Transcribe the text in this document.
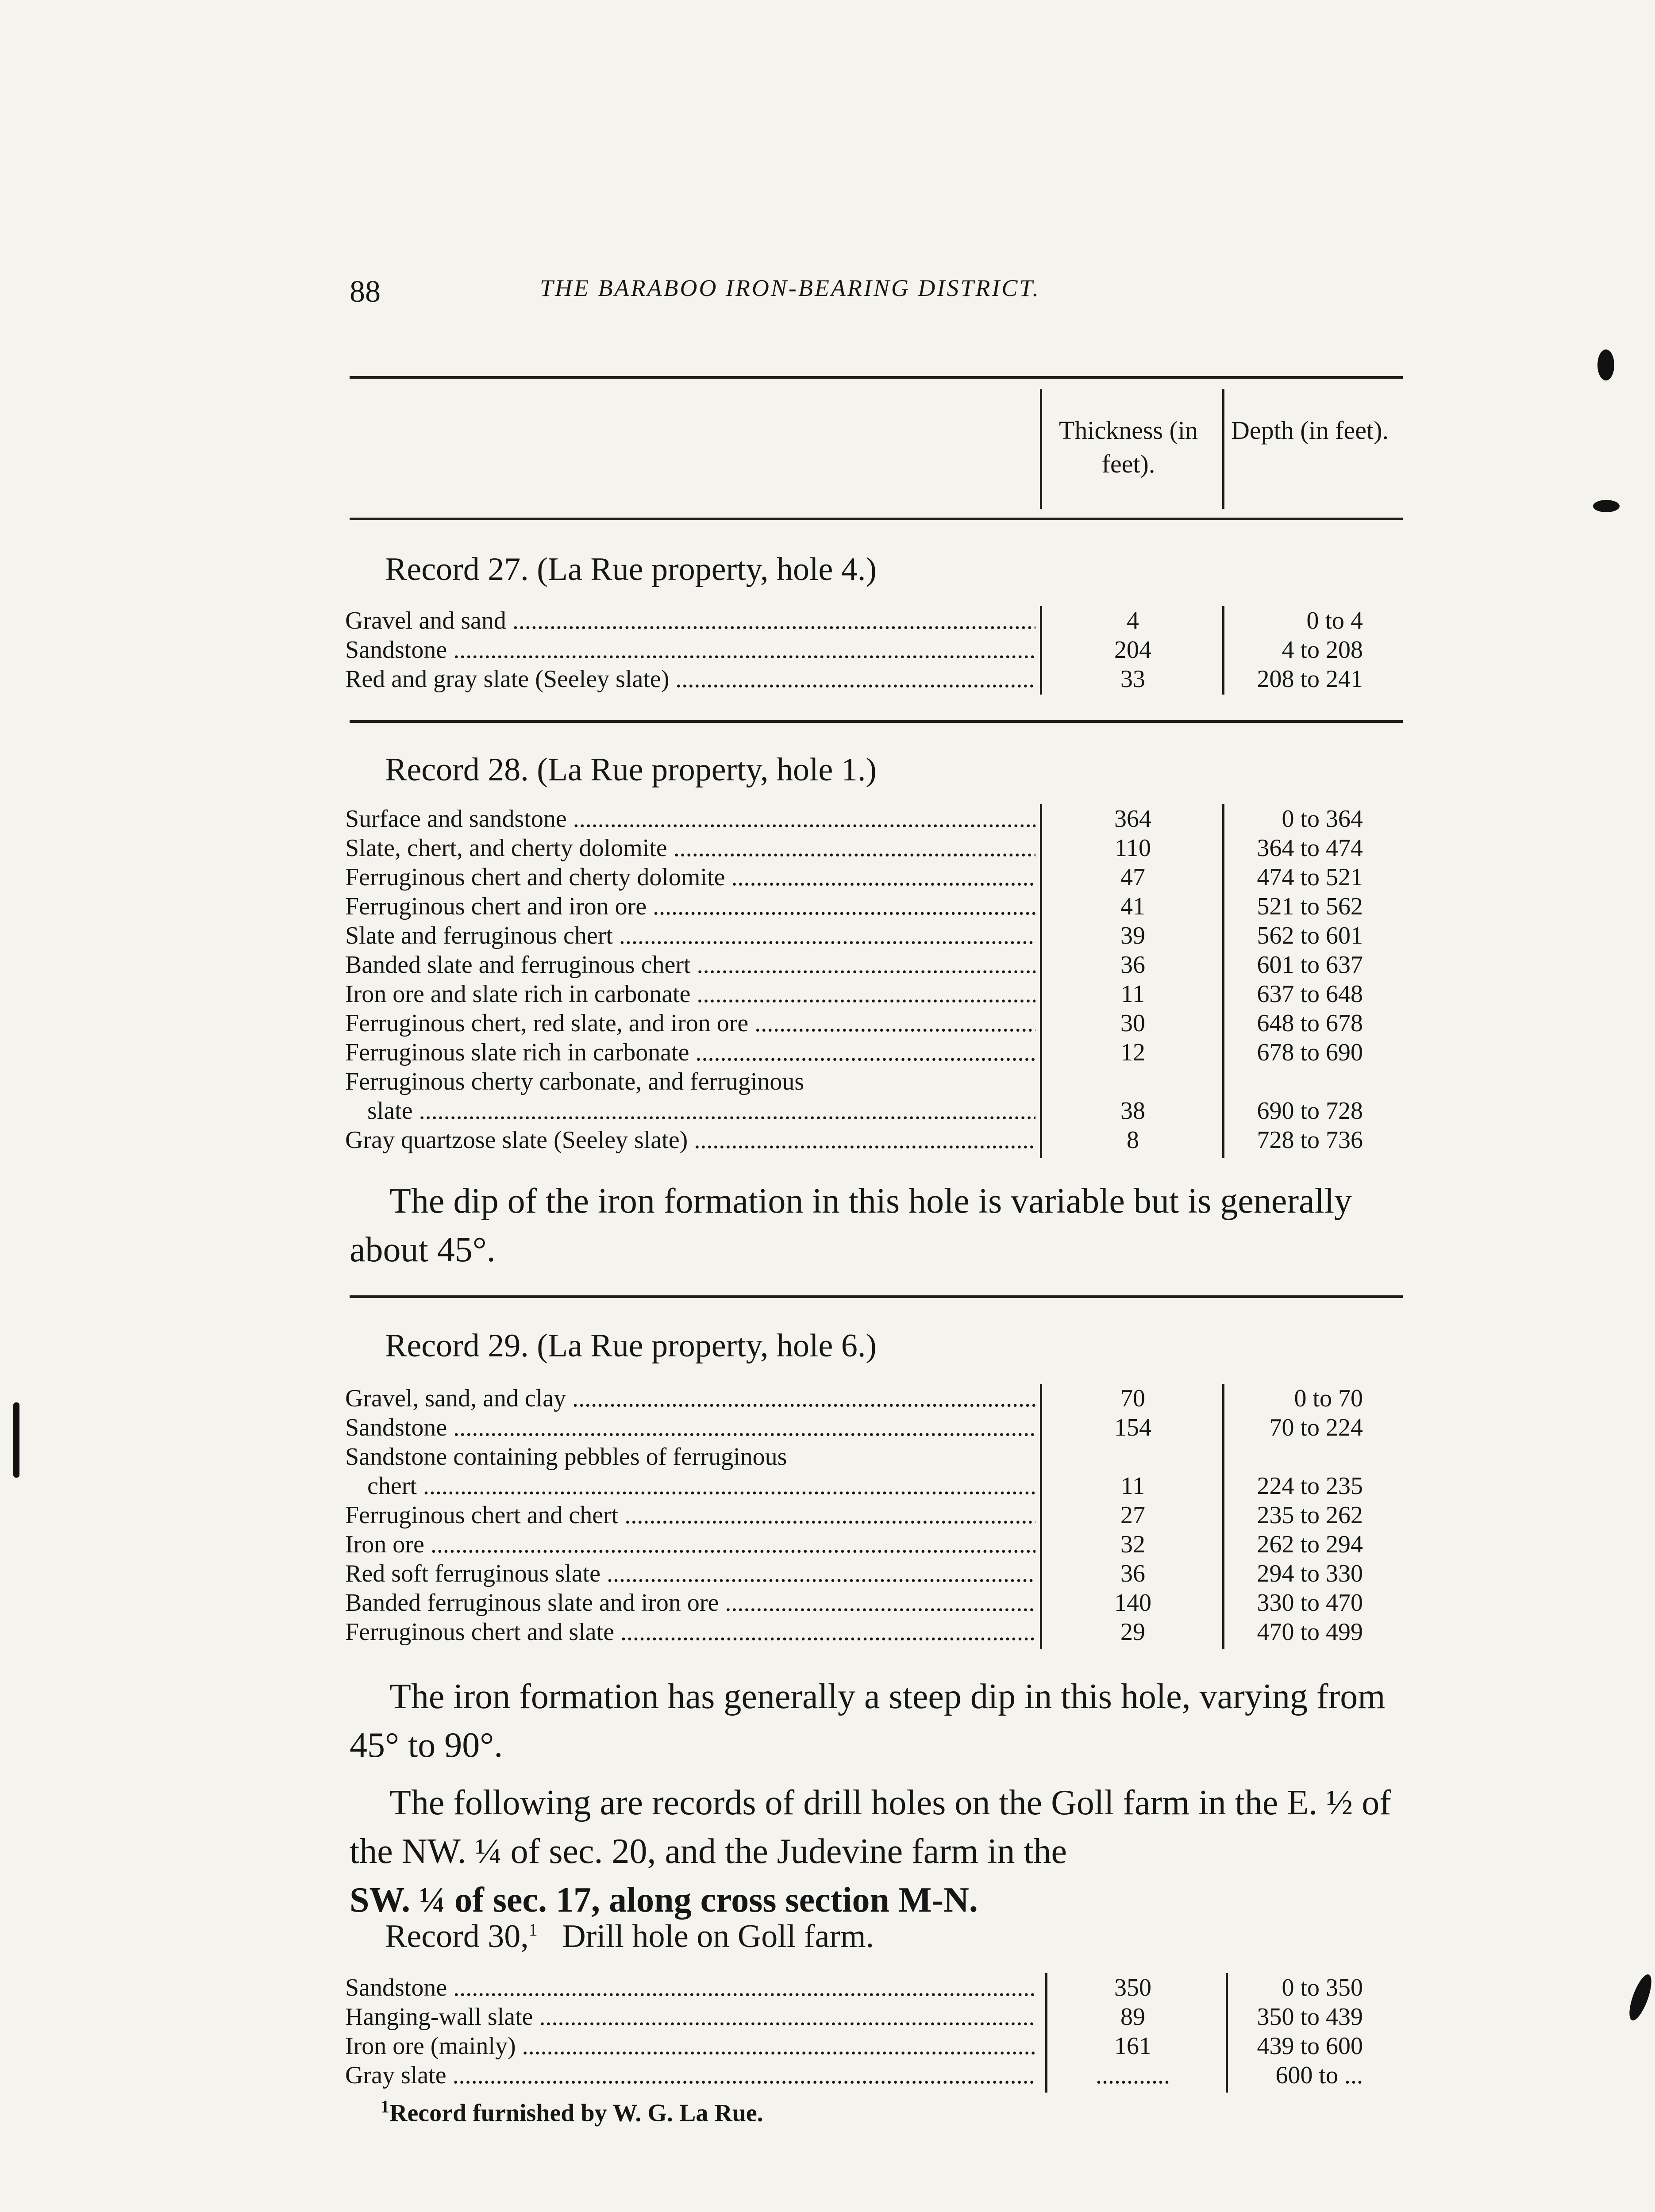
88	THE BARABOO IRON-BEARING DISTRICT.
Thickness (in feet).
Depth (in feet).
Record 27. (La Rue property, hole 4.)
Gravel and sand .....	4	0 to 4
Sandstone .....	204	4 to 208
Red and gray slate (Seeley slate) .....	33	208 to 241
Record 28. (La Rue property, hole 1.)
Surface and sandstone .....	364	0 to 364
Slate, chert, and cherty dolomite .....	110	364 to 474
Ferruginous chert and cherty dolomite .....	47	474 to 521
Ferruginous chert and iron ore .....	41	521 to 562
Slate and ferruginous chert .....	39	562 to 601
Banded slate and ferruginous chert .....	36	601 to 637
Iron ore and slate rich in carbonate .....	11	637 to 648
Ferruginous chert, red slate, and iron ore .....	30	648 to 678
Ferruginous slate rich in carbonate .....	12	678 to 690
Ferruginous cherty carbonate, and ferruginous
slate .....	38	690 to 728
Gray quartzose slate (Seeley slate) .....	8	728 to 736

The dip of the iron formation in this hole is variable but is generally about 45°.

Record 29. (La Rue property, hole 6.)
Gravel, sand, and clay .....	70	0 to 70
Sandstone .....	154	70 to 224
Sandstone containing pebbles of ferruginous
chert .....	11	224 to 235
Ferruginous chert and chert .....	27	235 to 262
Iron ore .....	32	262 to 294
Red soft ferruginous slate .....	36	294 to 330
Banded ferruginous slate and iron ore .....	140	330 to 470
Ferruginous chert and slate .....	29	470 to 499

The iron formation has generally a steep dip in this hole, varying from 45° to 90°.

The following are records of drill holes on the Goll farm in the E. ½ of the NW. ¼ of sec. 20, and the Judevine farm in the

SW. ¼ of sec. 17, along cross section M-N.

Record 30,$^1$ Drill hole on Goll farm.
Sandstone .....	350	0 to 350
Hanging-wall slate .....	89	350 to 439
Iron ore (mainly) .....	161	439 to 600
Gray slate .....	............	600 to ...
$^1$Record furnished by W. G. La Rue.
